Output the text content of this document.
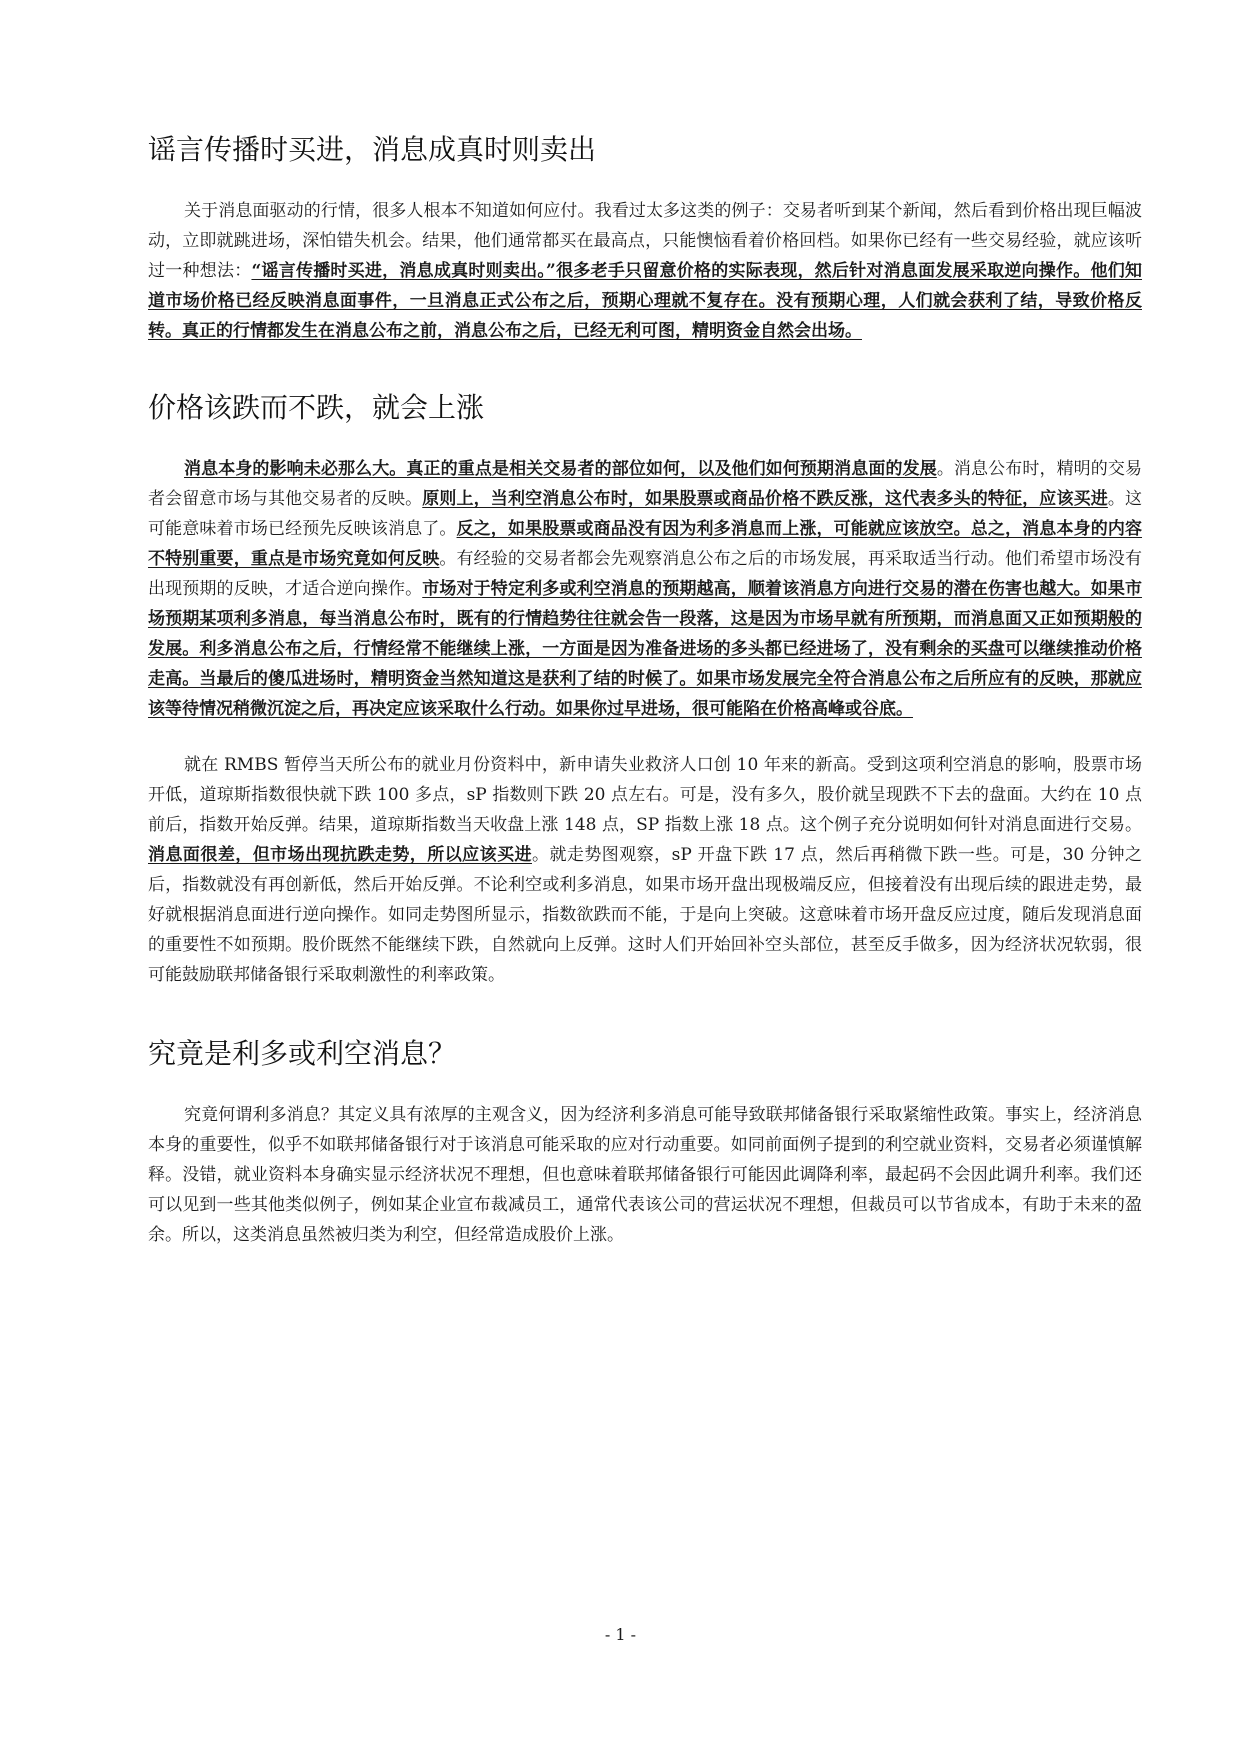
谣言传播时买进，消息成真时则卖出

关于消息面驱动的行情，很多人根本不知道如何应付。我看过太多这类的例子：交易者听到某个新闻，然后看到价格出现巨幅波动，立即就跳进场，深怕错失机会。结果，他们通常都买在最高点，只能懊恼看着价格回档。如果你已经有一些交易经验，就应该听过一种想法：“谣言传播时买进，消息成真时则卖出。”很多老手只留意价格的实际表现，然后针对消息面发展采取逆向操作。他们知道市场价格已经反映消息面事件，一旦消息正式公布之后，预期心理就不复存在。没有预期心理，人们就会获利了结，导致价格反转。真正的行情都发生在消息公布之前，消息公布之后，已经无利可图，精明资金自然会出场。

价格该跌而不跌，就会上涨

消息本身的影响未必那么大。真正的重点是相关交易者的部位如何，以及他们如何预期消息面的发展。消息公布时，精明的交易者会留意市场与其他交易者的反映。原则上，当利空消息公布时，如果股票或商品价格不跌反涨，这代表多头的特征，应该买进。这可能意味着市场已经预先反映该消息了。反之，如果股票或商品没有因为利多消息而上涨，可能就应该放空。总之，消息本身的内容不特别重要，重点是市场究竟如何反映。有经验的交易者都会先观察消息公布之后的市场发展，再采取适当行动。他们希望市场没有出现预期的反映，才适合逆向操作。市场对于特定利多或利空消息的预期越高，顺着该消息方向进行交易的潜在伤害也越大。如果市场预期某项利多消息，每当消息公布时，既有的行情趋势往往就会告一段落，这是因为市场早就有所预期，而消息面又正如预期般的发展。利多消息公布之后，行情经常不能继续上涨，一方面是因为准备进场的多头都已经进场了，没有剩余的买盘可以继续推动价格走高。当最后的傻瓜进场时，精明资金当然知道这是获利了结的时候了。如果市场发展完全符合消息公布之后所应有的反映，那就应该等待情况稍微沉淀之后，再决定应该采取什么行动。如果你过早进场，很可能陷在价格高峰或谷底。

就在 RMBS 暂停当天所公布的就业月份资料中，新申请失业救济人口创 10 年来的新高。受到这项利空消息的影响，股票市场开低，道琼斯指数很快就下跌 100 多点，sP 指数则下跌 20 点左右。可是，没有多久，股价就呈现跌不下去的盘面。大约在 10 点前后，指数开始反弹。结果，道琼斯指数当天收盘上涨 148 点，SP 指数上涨 18 点。这个例子充分说明如何针对消息面进行交易。消息面很差，但市场出现抗跌走势，所以应该买进。就走势图观察，sP 开盘下跌 17 点，然后再稍微下跌一些。可是，30 分钟之后，指数就没有再创新低，然后开始反弹。不论利空或利多消息，如果市场开盘出现极端反应，但接着没有出现后续的跟进走势，最好就根据消息面进行逆向操作。如同走势图所显示，指数欲跌而不能，于是向上突破。这意味着市场开盘反应过度，随后发现消息面的重要性不如预期。股价既然不能继续下跌，自然就向上反弹。这时人们开始回补空头部位，甚至反手做多，因为经济状况软弱，很可能鼓励联邦储备银行采取刺激性的利率政策。

究竟是利多或利空消息？

究竟何谓利多消息？其定义具有浓厚的主观含义，因为经济利多消息可能导致联邦储备银行采取紧缩性政策。事实上，经济消息本身的重要性，似乎不如联邦储备银行对于该消息可能采取的应对行动重要。如同前面例子提到的利空就业资料，交易者必须谨慎解释。没错，就业资料本身确实显示经济状况不理想，但也意味着联邦储备银行可能因此调降利率，最起码不会因此调升利率。我们还可以见到一些其他类似例子，例如某企业宣布裁减员工，通常代表该公司的营运状况不理想，但裁员可以节省成本，有助于未来的盈余。所以，这类消息虽然被归类为利空，但经常造成股价上涨。

- 1 -
